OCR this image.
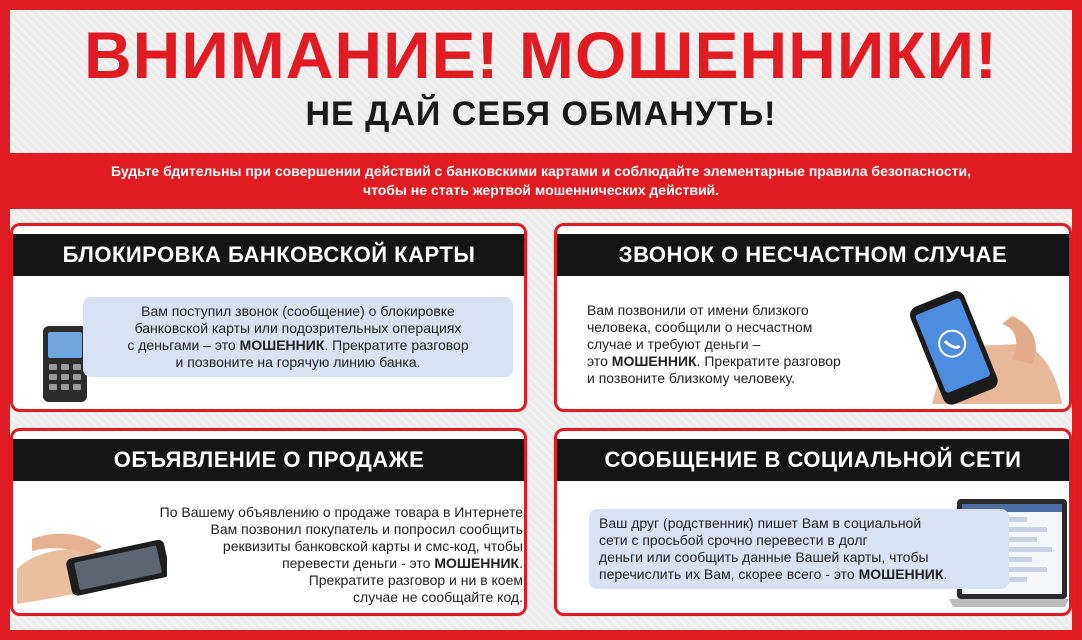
ВНИМАНИЕ! МОШЕННИКИ!
НЕ ДАЙ СЕБЯ ОБМАНУТЬ!
Будьте бдительны при совершении действий с банковскими картами и соблюдайте элементарные правила безопасности,
чтобы не стать жертвой мошеннических действий.
БЛОКИРОВКА БАНКОВСКОЙ КАРТЫ
Вам поступил звонок (сообщение) о блокировке
банковской карты или подозрительных операциях
с деньгами – это МОШЕННИК. Прекратите разговор
и позвоните на горячую линию банка.
ЗВОНОК О НЕСЧАСТНОМ СЛУЧАЕ
Вам позвонили от имени близкого
человека, сообщили о несчастном
случае и требуют деньги –
это МОШЕННИК. Прекратите разговор
и позвоните близкому человеку.
ОБЪЯВЛЕНИЕ О ПРОДАЖЕ
По Вашему объявлению о продаже товара в Интернете
Вам позвонил покупатель и попросил сообщить
реквизиты банковской карты и смс-код, чтобы
перевести деньги - это МОШЕННИК.
Прекратите разговор и ни в коем
случае не сообщайте код.
СООБЩЕНИЕ В СОЦИАЛЬНОЙ СЕТИ
Ваш друг (родственник) пишет Вам в социальной
сети с просьбой срочно перевести в долг
деньги или сообщить данные Вашей карты, чтобы
перечислить их Вам, скорее всего - это МОШЕННИК.
